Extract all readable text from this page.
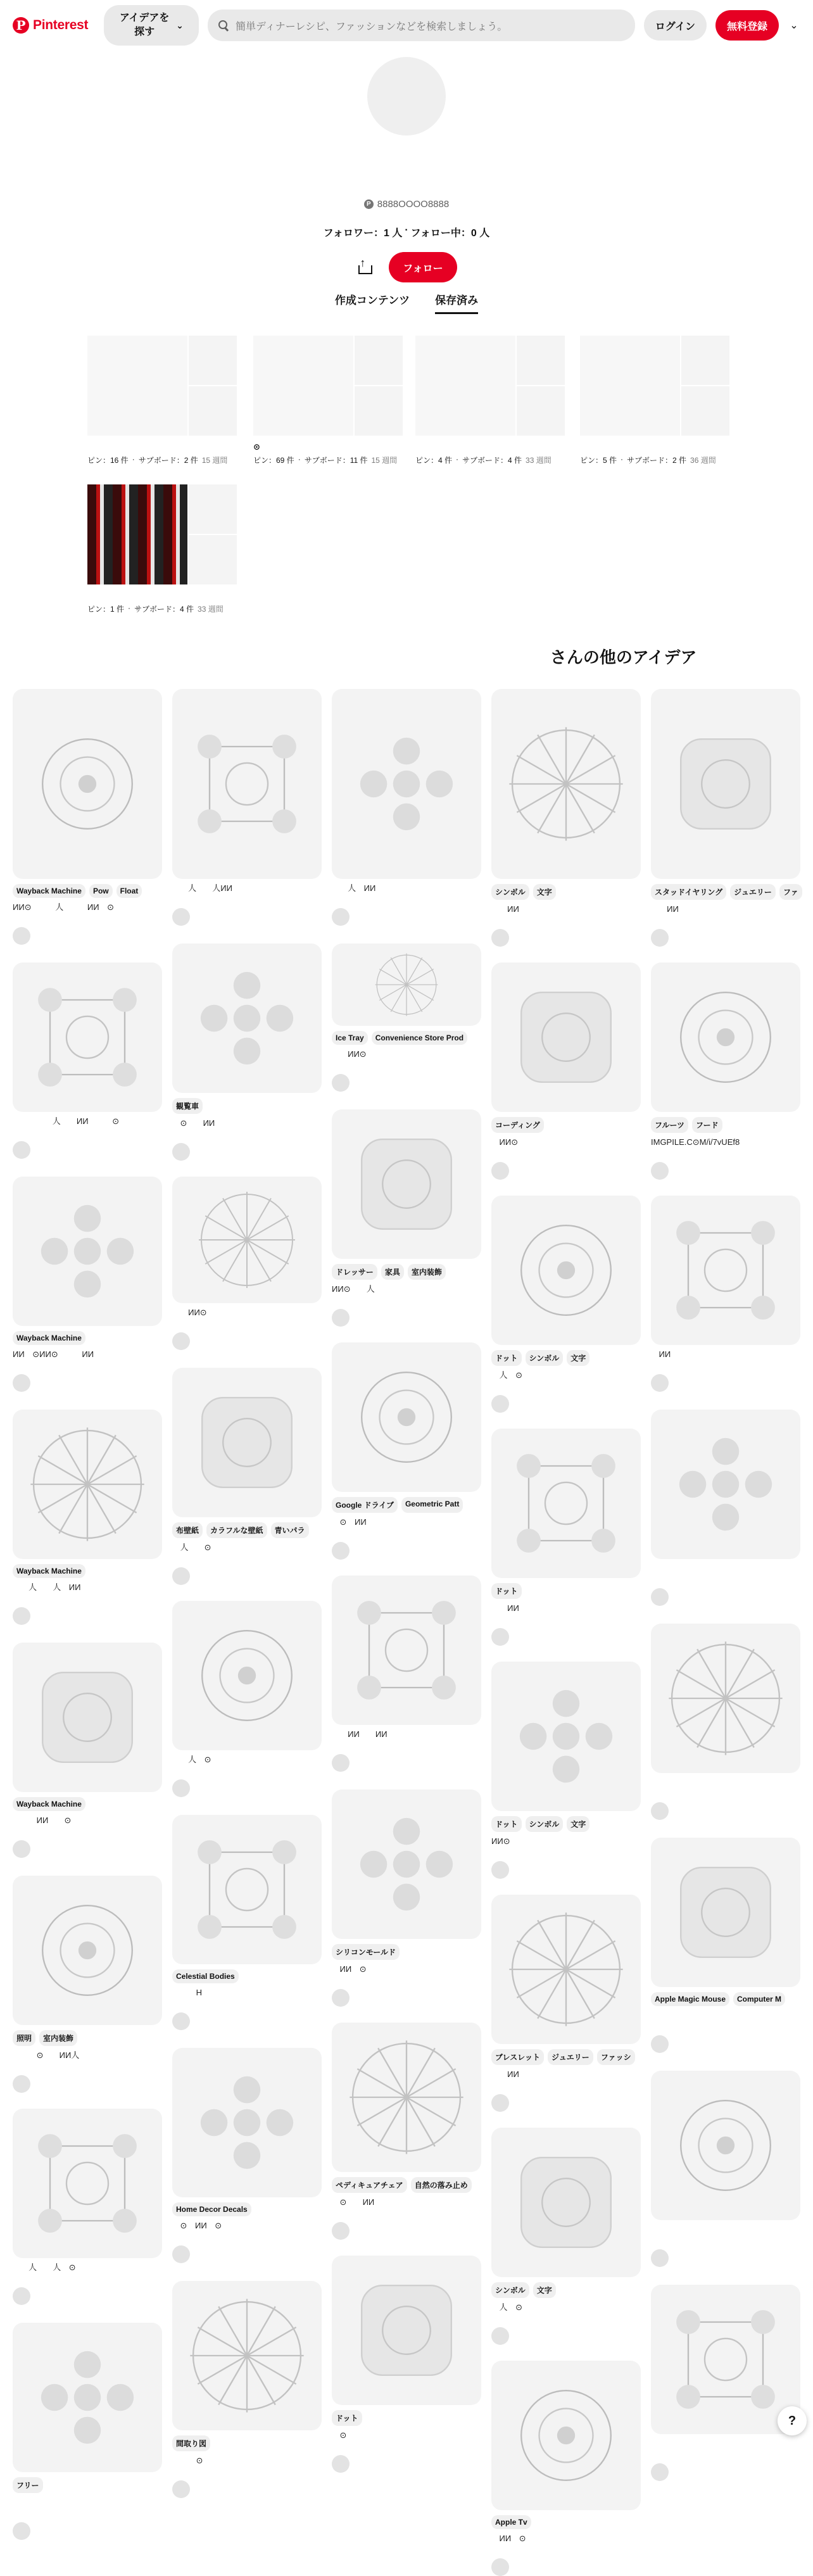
P Pinterest	アイデアを探す
⌄	簡単ディナーレシピ、ファッションなどを検索しましょう。	ログイン	無料登録	⌄
ㅤㅤㅤㅤㅤㅤㅤㅤㅤㅤㅤㅤㅤㅤㅤㅤㅤㅤㅤㅤㅤㅤㅤㅤㅤㅤㅤ
P 8888OOOO8888
フォロワー：1 人 · フォロー中：0 人
↑
フォロー
作成コンテンツ 保存済み
ㅤ
ピン：16 件 · サブボード：2 件 15 週間
⊙
ピン：69 件 · サブボード：11 件 15 週間
ㅤ
ピン：4 件 · サブボード：4 件 33 週間
ㅤ
ピン：5 件 · サブボード：2 件 36 週間
ㅤ
ピン：1 件 · サブボード：4 件 33 週間
ㅤㅤㅤㅤㅤㅤㅤㅤㅤㅤㅤㅤㅤㅤㅤㅤㅤㅤㅤㅤㅤㅤㅤㅤㅤㅤㅤ さんの他のアイデア
Wayback Machine	Pow	Float
ИИ⊙ㅤㅤㅤ人ㅤㅤㅤИИㅤ⊙ㅤㅤ
ㅤㅤㅤㅤㅤㅤㅤㅤㅤㅤㅤㅤㅤㅤ
ㅤㅤㅤㅤㅤ人ㅤㅤИИㅤㅤㅤ⊙
ㅤㅤㅤㅤㅤㅤㅤㅤㅤㅤㅤ
Wayback Machine
ИИㅤ⊙ИИ⊙ㅤㅤㅤИИㅤ
ㅤㅤㅤㅤㅤㅤㅤㅤㅤㅤ
Wayback Machine
ㅤㅤ人ㅤㅤ人ㅤИИㅤㅤ
ㅤㅤㅤㅤㅤㅤㅤㅤㅤ
Wayback Machine
ㅤㅤㅤИИㅤㅤ⊙ㅤㅤㅤ
ㅤㅤㅤㅤㅤㅤㅤㅤㅤ
照明	室内装飾
ㅤㅤㅤ⊙ㅤㅤИИ人ㅤㅤ
ㅤㅤㅤㅤㅤㅤㅤㅤㅤ
ㅤㅤ人ㅤㅤ人ㅤ⊙
ㅤㅤㅤㅤㅤㅤㅤㅤ
フリー
ㅤㅤㅤㅤㅤㅤㅤㅤㅤ
ㅤㅤ人ㅤㅤ人ИИㅤㅤ
ㅤㅤㅤㅤㅤㅤㅤㅤ
観覧車
ㅤ⊙ㅤㅤИИㅤㅤ
ㅤㅤㅤㅤㅤㅤㅤ
ㅤㅤИИ⊙ㅤㅤ
ㅤㅤㅤㅤㅤㅤ
布壁紙	カラフルな壁紙	青いパラ
ㅤ人ㅤㅤ⊙ㅤㅤ
ㅤㅤㅤㅤㅤㅤ
ㅤㅤ人ㅤ⊙ㅤㅤ
ㅤㅤㅤㅤㅤㅤ
Celestial Bodies
ㅤㅤㅤHㅤㅤㅤ
ㅤㅤㅤㅤㅤㅤ
Home Decor Decals
ㅤ⊙ㅤИИㅤ⊙ㅤ
ㅤㅤㅤㅤㅤㅤ
間取り図
ㅤㅤㅤ⊙ㅤㅤ
ㅤㅤㅤㅤㅤ
ㅤㅤ人ㅤИИㅤ
ㅤㅤㅤㅤㅤ
Ice Tray	Convenience Store Prod
ㅤㅤИИ⊙ㅤㅤ
ㅤㅤㅤㅤㅤ
ドレッサー	家具	室内装飾
ИИ⊙ㅤㅤ人ㅤ
ㅤㅤㅤㅤㅤ
Google ドライブ	Geometric Patt
ㅤ⊙ㅤИИㅤ
ㅤㅤㅤㅤㅤ
ㅤㅤИИㅤㅤИИ
ㅤㅤㅤㅤㅤ
シリコンモールド
ㅤИИㅤ⊙ㅤㅤ
ㅤㅤㅤㅤㅤ
ペディキュアチェア	自然の落み止め
ㅤ⊙ㅤㅤИИㅤ
ㅤㅤㅤㅤ
ドット
ㅤ⊙ㅤㅤㅤㅤ
ㅤㅤㅤㅤ
シンボル	文字
ㅤㅤИИㅤㅤ
ㅤㅤㅤㅤ
コーディング
ㅤИИ⊙ㅤ
ㅤㅤㅤㅤ
ドット	シンボル	文字
ㅤ人ㅤ⊙ㅤ
ㅤㅤㅤㅤ
ドット
ㅤㅤИИㅤ
ㅤㅤㅤㅤ
ドット	シンボル	文字
ИИ⊙ㅤㅤ
ㅤㅤㅤㅤ
ブレスレット	ジュエリー	ファッシ
ㅤㅤИИㅤ
ㅤㅤㅤㅤ
シンボル	文字
ㅤ人ㅤ⊙ㅤ
ㅤㅤㅤ
Apple Tv
ㅤИИㅤ⊙ㅤ
ㅤㅤㅤ
スタッドイヤリング	ジュエリー	ファ
ㅤㅤИИㅤ
ㅤㅤㅤ
フルーツ	フード
IMGPILE.C⊙M/i/7vUEf8
ㅤㅤㅤ
ㅤИИㅤ
ㅤㅤㅤ
Apple Magic Mouse	Computer M
?
